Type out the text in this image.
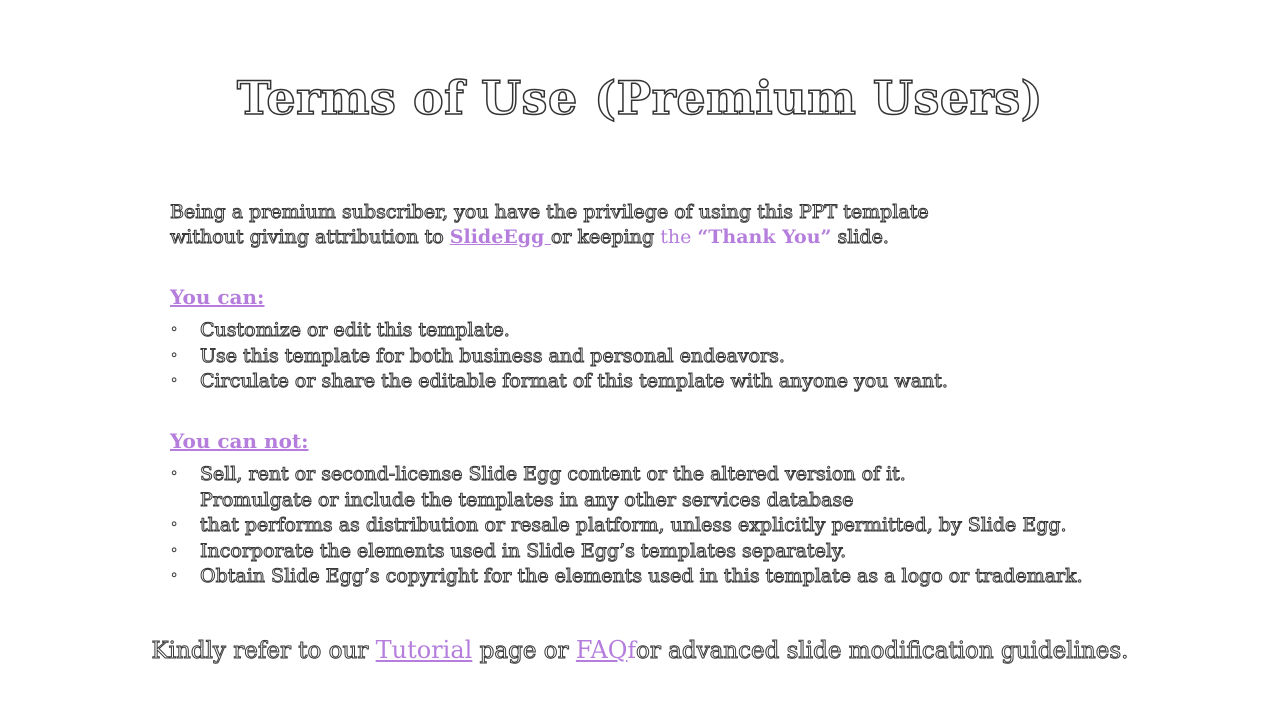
Terms of Use (Premium Users)
Being a premium subscriber, you have the privilege of using this PPT template
without giving attribution to SlideEgg or keeping the “Thank You” slide.
You can:
◦ Customize or edit this template.
◦ Use this template for both business and personal endeavors.
◦ Circulate or share the editable format of this template with anyone you want.
You can not:
◦ Sell, rent or second-license Slide Egg content or the altered version of it.
Promulgate or include the templates in any other services database
◦ that performs as distribution or resale platform, unless explicitly permitted, by Slide Egg.
◦ Incorporate the elements used in Slide Egg’s templates separately.
◦ Obtain Slide Egg’s copyright for the elements used in this template as a logo or trademark.
Kindly refer to our Tutorial page or FAQfor advanced slide modification guidelines.
